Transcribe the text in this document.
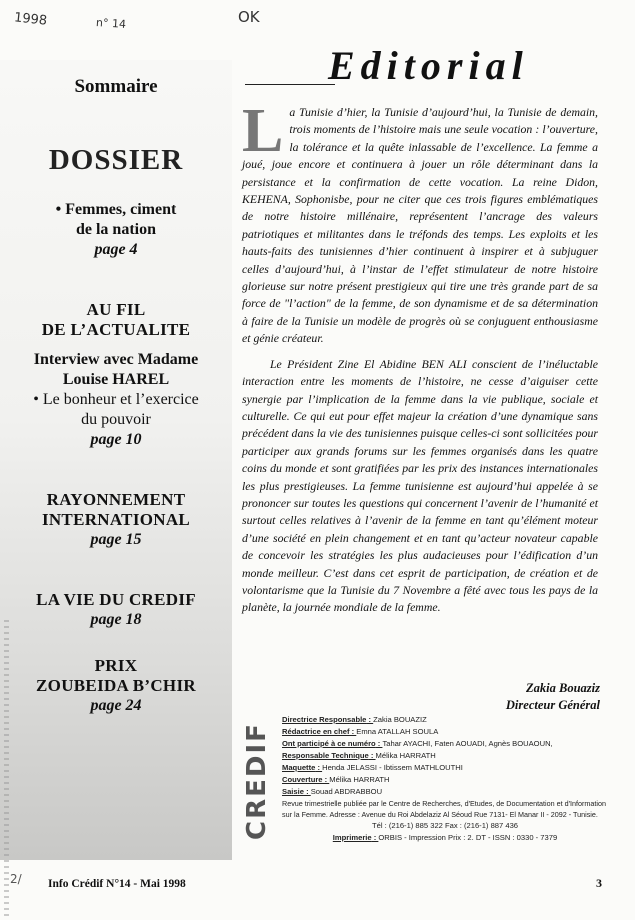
1998	n° 14	OK
Sommaire
DOSSIER
• Femmes, ciment
de la nation
page 4
AU FIL
DE L’ACTUALITE
Interview avec Madame
Louise HAREL
• Le bonheur et l’exercice
du pouvoir
page 10
RAYONNEMENT
INTERNATIONAL
page 15
LA VIE DU CREDIF
page 18
PRIX
ZOUBEIDA B’CHIR
page 24
Editorial

La Tunisie d’hier, la Tunisie d’aujourd’hui, la Tunisie de demain, trois moments de l’histoire mais une seule vocation : l’ouverture, la tolérance et la quête inlassable de l’excellence. La femme a joué, joue encore et continuera à jouer un rôle déterminant dans la persistance et la confirmation de cette vocation. La reine Didon, KEHENA, Sophonisbe, pour ne citer que ces trois figures emblématiques de notre histoire millénaire, représentent l’ancrage des valeurs patriotiques et militantes dans le tréfonds des temps. Les exploits et les hauts-faits des tunisiennes d’hier continuent à inspirer et à subjuguer celles d’aujourd’hui, à l’instar de l’effet stimulateur de notre histoire glorieuse sur notre présent prestigieux qui tire une très grande part de sa force de "l’action" de la femme, de son dynamisme et de sa détermination à faire de la Tunisie un modèle de progrès où se conjuguent enthousiasme et génie créateur.

Le Président Zine El Abidine BEN ALI conscient de l’inéluctable interaction entre les moments de l’histoire, ne cesse d’aiguiser cette synergie par l’implication de la femme dans la vie publique, sociale et culturelle. Ce qui eut pour effet majeur la création d’une dynamique sans précédent dans la vie des tunisiennes puisque celles-ci sont sollicitées pour participer aux grands forums sur les femmes organisés dans les quatre coins du monde et sont gratifiées par les prix des instances internationales les plus prestigieuses. La femme tunisienne est aujourd’hui appelée à se prononcer sur toutes les questions qui concernent l’avenir de l’humanité et surtout celles relatives à l’avenir de la femme en tant qu’élément moteur d’une société en plein changement et en tant qu’acteur novateur capable de concevoir les stratégies les plus audacieuses pour l’édification d’un monde meilleur. C’est dans cet esprit de participation, de création et de volontarisme que la Tunisie du 7 Novembre a fêté avec tous les pays de la planète, la journée mondiale de la femme.

Zakia Bouaziz
Directeur Général
CREDIF
Directrice Responsable : Zakia BOUAZIZ
Rédactrice en chef : Emna ATALLAH SOULA
Ont participé à ce numéro : Tahar AYACHI, Faten AOUADI, Agnès BOUAOUN,
Responsable Technique : Mélika HARRATH
Maquette : Henda JELASSI - Ibtissem MATHLOUTHI
Couverture : Mélika HARRATH
Saisie : Souad ABDRABBOU
Revue trimestrielle publiée par le Centre de Recherches, d'Etudes, de Documentation et d'Information sur la Femme. Adresse : Avenue du Roi Abdelaziz Al Séoud Rue 7131- El Manar II - 2092 - Tunisie.
Tél : (216-1) 885 322 Fax : (216-1) 887 436
Imprimerie : ORBIS - Impression Prix : 2. DT - ISSN : 0330 - 7379
2/ Info Crédif N°14 - Mai 1998	3
